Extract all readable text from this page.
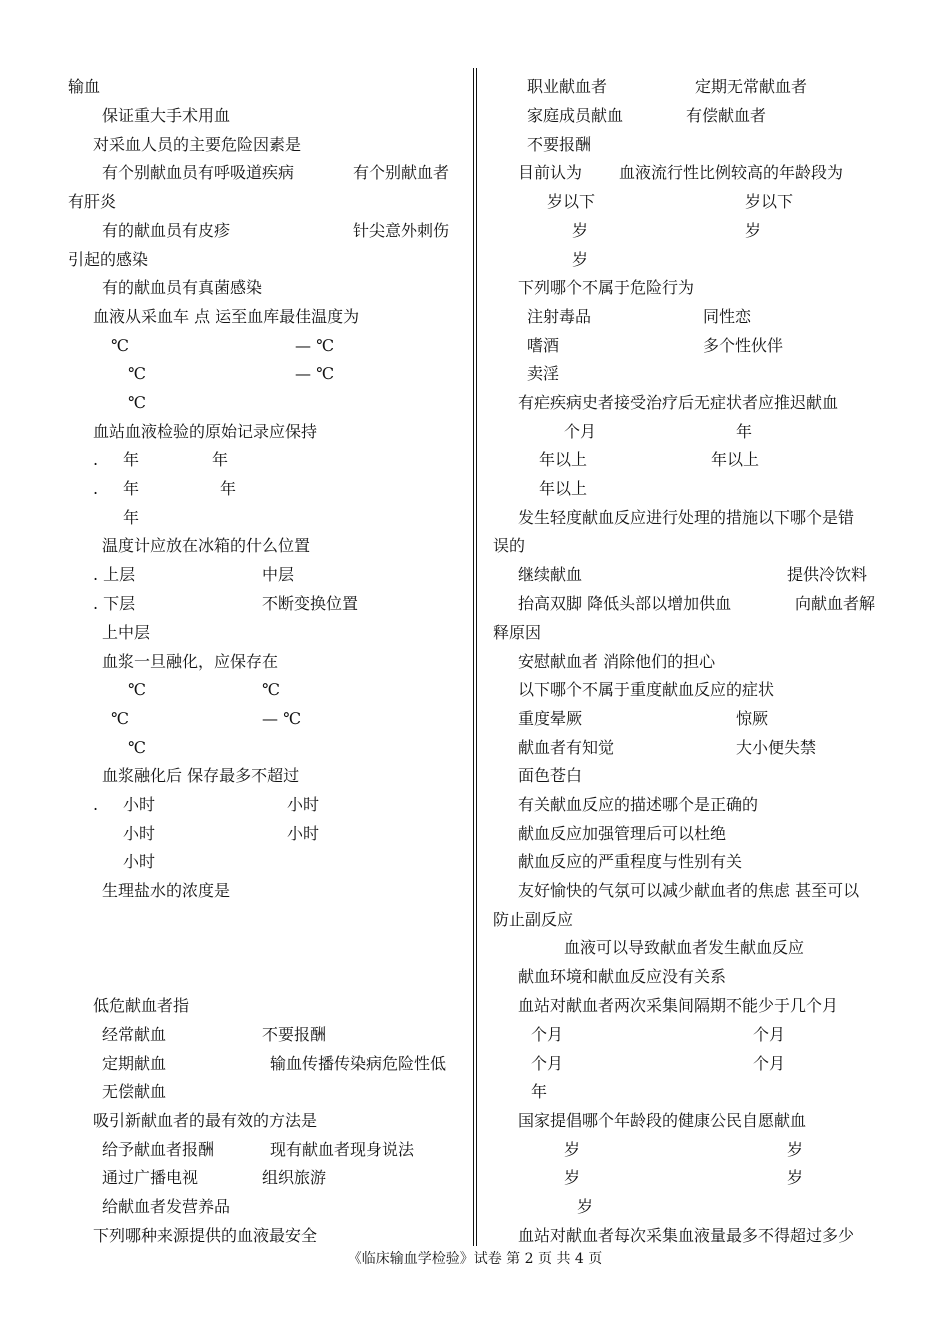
输血
保证重大手术用血
对采血人员的主要危险因素是
有个别献血员有呼吸道疾病	有个别献血者
有肝炎
有的献血员有皮疹	针尖意外刺伤
引起的感染
有的献血员有真菌感染
血液从采血车 点 运至血库最佳温度为
℃	— ℃
℃	— ℃
℃
血站血液检验的原始记录应保持
. 年	年
. 年	年
年
温度计应放在冰箱的什么位置
. 上层	中层
. 下层	不断变换位置
上中层
血浆一旦融化，应保存在
℃	℃
℃	— ℃
℃
血浆融化后 保存最多不超过
. 小时	小时
小时	小时
小时
生理盐水的浓度是
低危献血者指
经常献血	不要报酬
定期献血	输血传播传染病危险性低
无偿献血
吸引新献血者的最有效的方法是
给予献血者报酬	现有献血者现身说法
通过广播电视	组织旅游
给献血者发营养品
下列哪种来源提供的血液最安全
职业献血者	定期无常献血者
家庭成员献血	有偿献血者
不要报酬
目前认为 血液流行性比例较高的年龄段为
岁以下	岁以下
岁	岁
岁
下列哪个不属于危险行为
注射毒品	同性恋
嗜酒	多个性伙伴
卖淫
有疟疾病史者接受治疗后无症状者应推迟献血
个月	年
年以上	年以上
年以上
发生轻度献血反应进行处理的措施以下哪个是错
误的
继续献血	提供冷饮料
抬高双脚 降低头部以增加供血	向献血者解
释原因
安慰献血者 消除他们的担心
以下哪个不属于重度献血反应的症状
重度晕厥	惊厥
献血者有知觉	大小便失禁
面色苍白
有关献血反应的描述哪个是正确的
献血反应加强管理后可以杜绝
献血反应的严重程度与性别有关
友好愉快的气氛可以减少献血者的焦虑 甚至可以
防止副反应
血液可以导致献血者发生献血反应
献血环境和献血反应没有关系
血站对献血者两次采集间隔期不能少于几个月
个月	个月
个月	个月
年
国家提倡哪个年龄段的健康公民自愿献血
岁	岁
岁	岁
岁
血站对献血者每次采集血液量最多不得超过多少
《临床输血学检验》试卷 第 2 页 共 4 页
